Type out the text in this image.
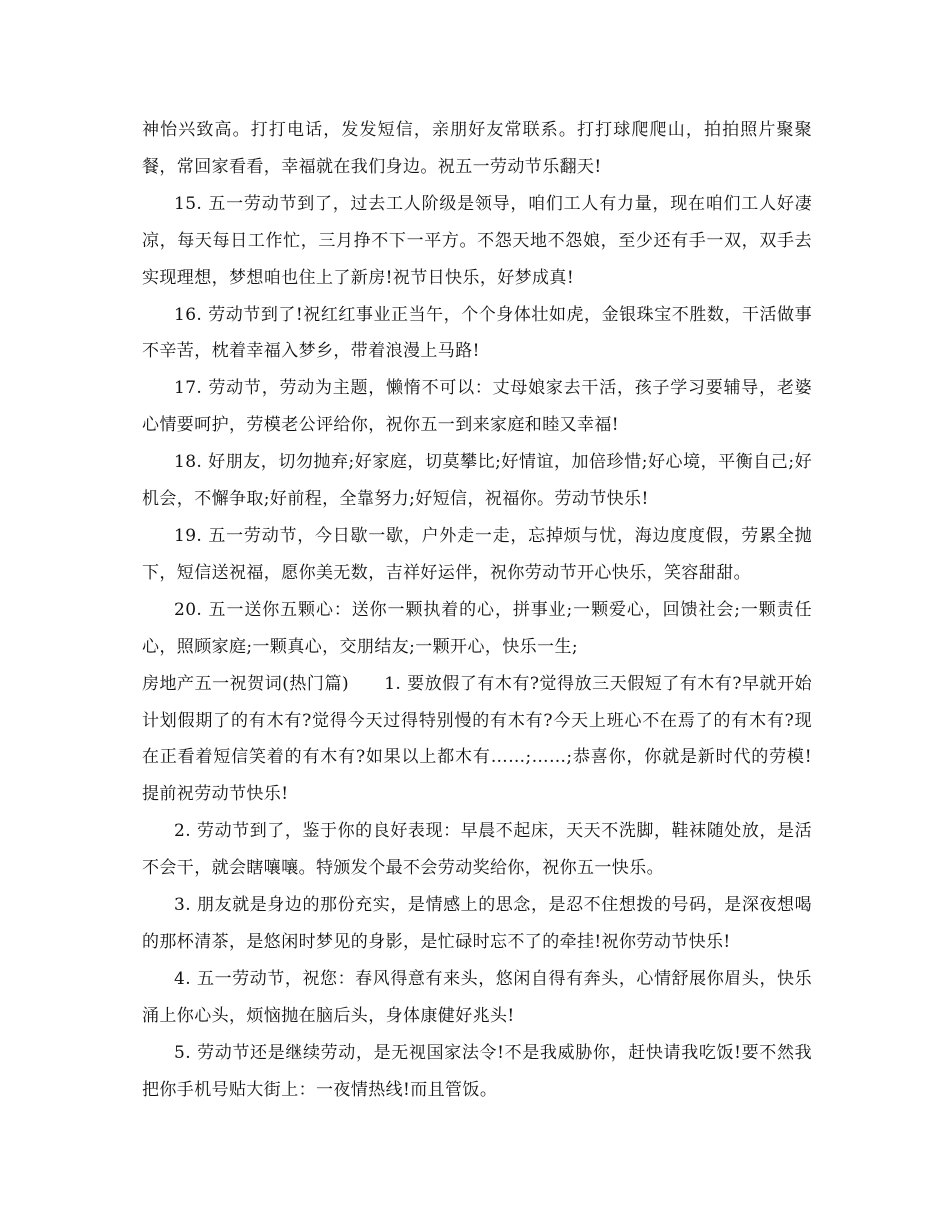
神怡兴致高。打打电话，发发短信，亲朋好友常联系。打打球爬爬山，拍拍照片聚聚餐，常回家看看，幸福就在我们身边。祝五一劳动节乐翻天!

15. 五一劳动节到了，过去工人阶级是领导，咱们工人有力量，现在咱们工人好凄凉，每天每日工作忙，三月挣不下一平方。不怨天地不怨娘，至少还有手一双，双手去实现理想，梦想咱也住上了新房!祝节日快乐，好梦成真!

16. 劳动节到了!祝红红事业正当午，个个身体壮如虎，金银珠宝不胜数，干活做事不辛苦，枕着幸福入梦乡，带着浪漫上马路!

17. 劳动节，劳动为主题，懒惰不可以：丈母娘家去干活，孩子学习要辅导，老婆心情要呵护，劳模老公评给你，祝你五一到来家庭和睦又幸福!

18. 好朋友，切勿抛弃;好家庭，切莫攀比;好情谊，加倍珍惜;好心境，平衡自己;好机会，不懈争取;好前程，全靠努力;好短信，祝福你。劳动节快乐!

19. 五一劳动节，今日歇一歇，户外走一走，忘掉烦与忧，海边度度假，劳累全抛下，短信送祝福，愿你美无数，吉祥好运伴，祝你劳动节开心快乐，笑容甜甜。

20. 五一送你五颗心：送你一颗执着的心，拼事业;一颗爱心，回馈社会;一颗责任心，照顾家庭;一颗真心，交朋结友;一颗开心，快乐一生;

房地产五一祝贺词(热门篇)　　1. 要放假了有木有?觉得放三天假短了有木有?早就开始计划假期了的有木有?觉得今天过得特别慢的有木有?今天上班心不在焉了的有木有?现在正看着短信笑着的有木有?如果以上都木有……;……;恭喜你，你就是新时代的劳模!提前祝劳动节快乐!

2. 劳动节到了，鉴于你的良好表现：早晨不起床，天天不洗脚，鞋袜随处放，是活不会干，就会瞎嚷嚷。特颁发个最不会劳动奖给你，祝你五一快乐。

3. 朋友就是身边的那份充实，是情感上的思念，是忍不住想拨的号码，是深夜想喝的那杯清茶，是悠闲时梦见的身影，是忙碌时忘不了的牵挂!祝你劳动节快乐!

4. 五一劳动节，祝您：春风得意有来头，悠闲自得有奔头，心情舒展你眉头，快乐涌上你心头，烦恼抛在脑后头，身体康健好兆头!

5. 劳动节还是继续劳动，是无视国家法令!不是我威胁你，赶快请我吃饭!要不然我把你手机号贴大街上：一夜情热线!而且管饭。
